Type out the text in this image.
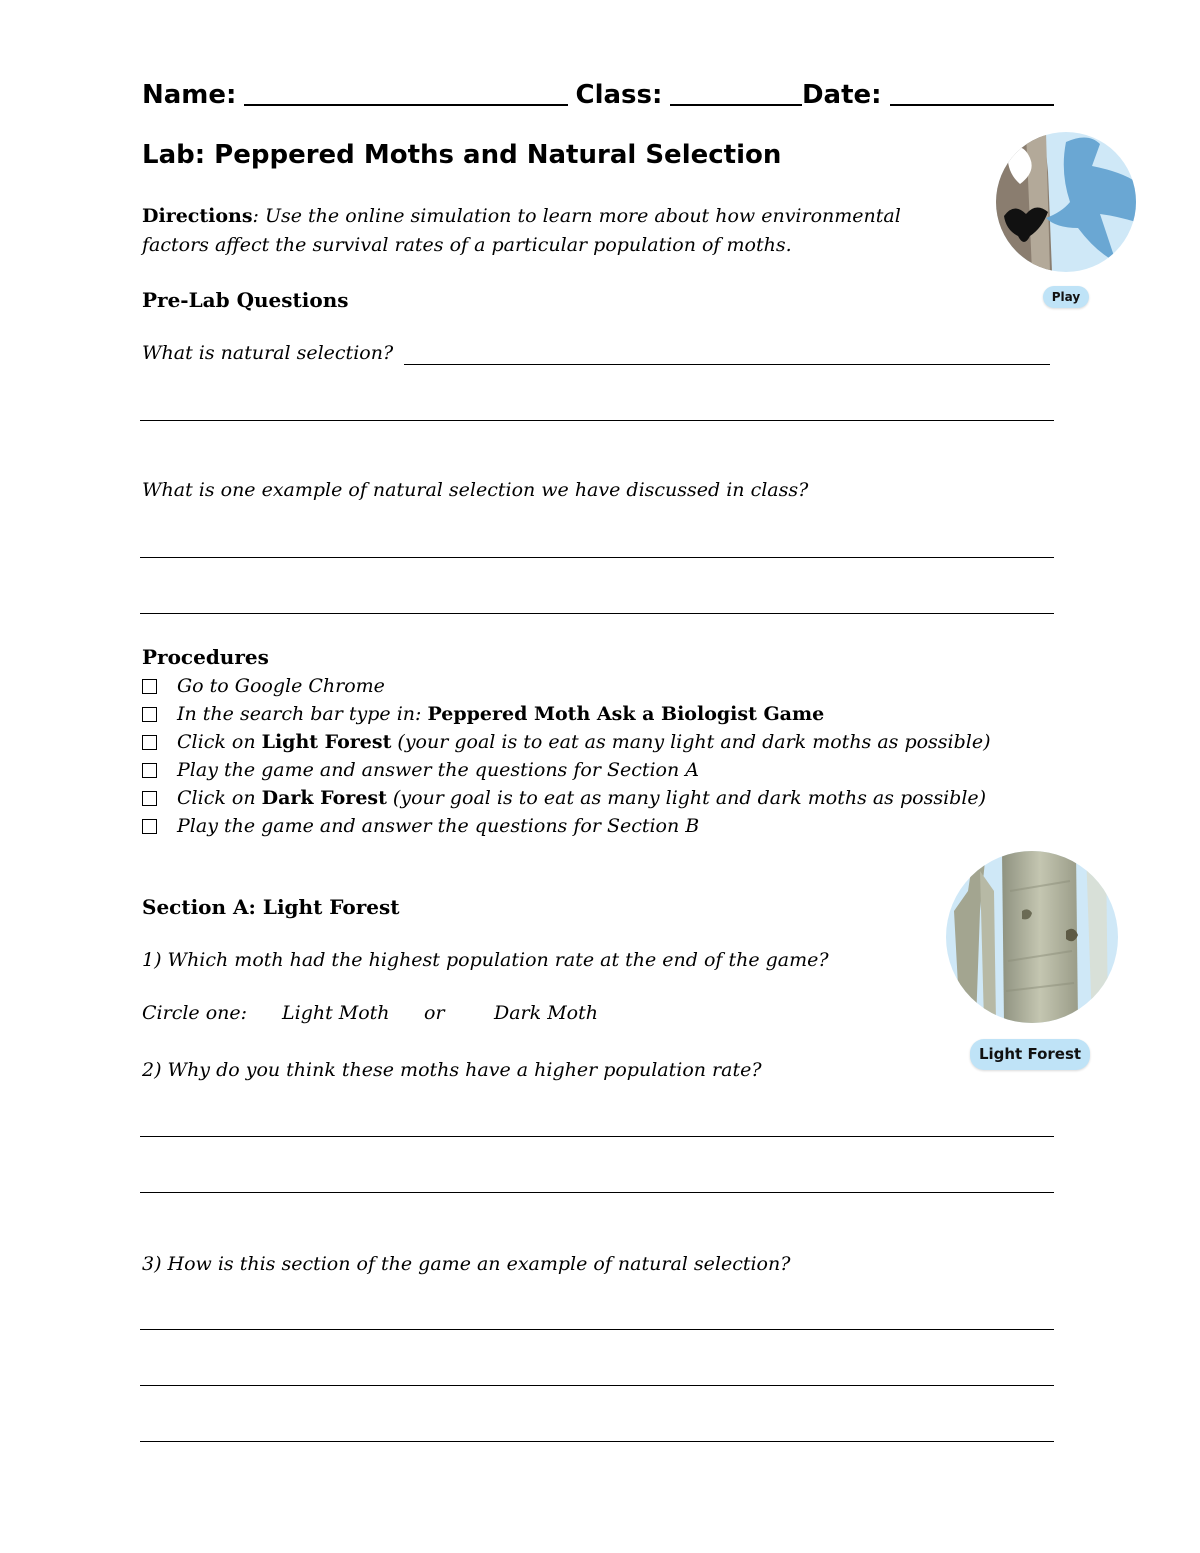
Name:	Class:	Date:
Lab: Peppered Moths and Natural Selection
Directions: Use the online simulation to learn more about how environmental factors affect the survival rates of a particular population of moths.
Play
Pre-Lab Questions
What is natural selection?
What is one example of natural selection we have discussed in class?
Procedures
Go to Google Chrome
In the search bar type in: Peppered Moth Ask a Biologist Game
Click on Light Forest (your goal is to eat as many light and dark moths as possible)
Play the game and answer the questions for Section A
Click on Dark Forest (your goal is to eat as many light and dark moths as possible)
Play the game and answer the questions for Section B
Section A: Light Forest
1) Which moth had the highest population rate at the end of the game?
Circle one: Light Moth or	Dark Moth
2) Why do you think these moths have a higher population rate?
3) How is this section of the game an example of natural selection?
Light Forest
